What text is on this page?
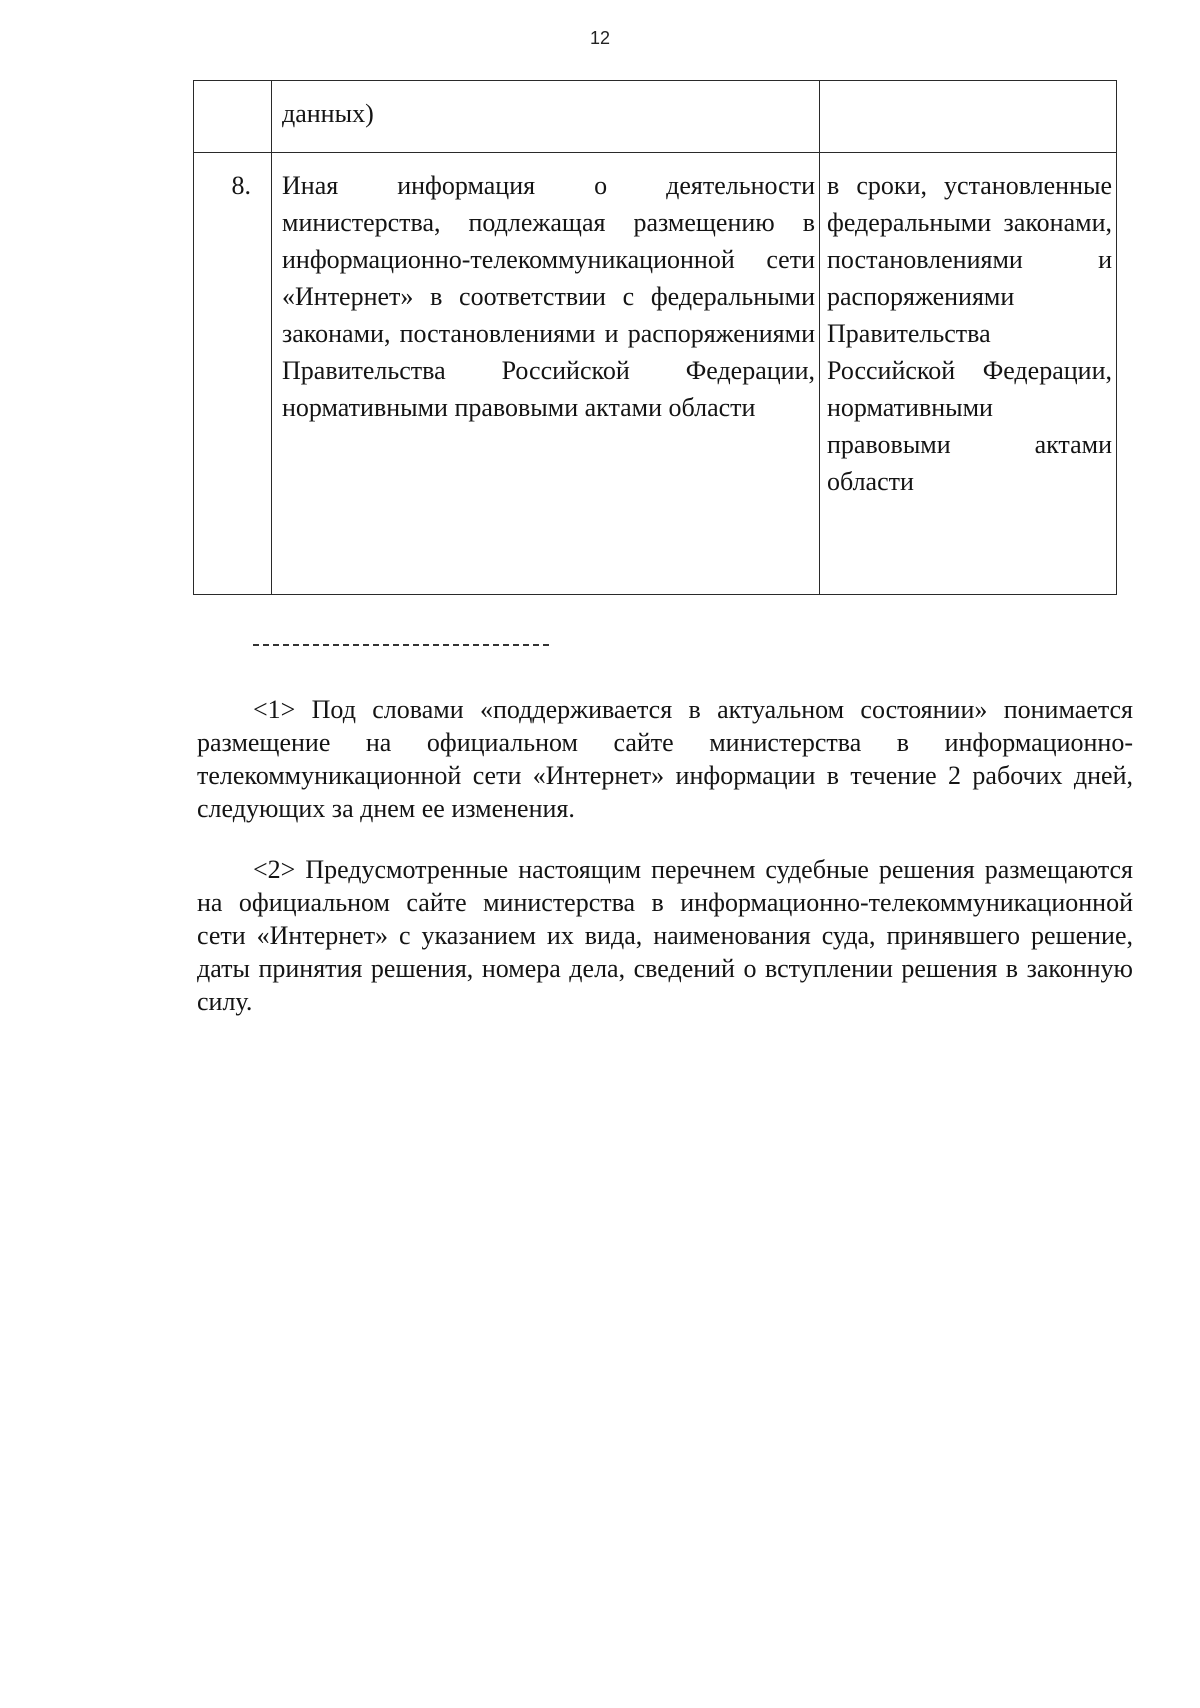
12
	данных)	
8.	Иная информация о деятельности министерства, подлежащая размещению в информационно-телекоммуникационной сети «Интернет» в соответствии с федеральными законами, постановлениями и распоряжениями Правительства Российской Федерации, нормативными правовыми актами области	в сроки, установленные федеральными законами, постановлениями и распоряжениями Правительства Российской Федерации, нормативными правовыми актами области

<1> Под словами «поддерживается в актуальном состоянии» понимается размещение на официальном сайте министерства в информационно-телекоммуникационной сети «Интернет» информации в течение 2 рабочих дней, следующих за днем ее изменения.

<2> Предусмотренные настоящим перечнем судебные решения размещаются на официальном сайте министерства в информационно-телекоммуникационной сети «Интернет» с указанием их вида, наименования суда, принявшего решение, даты принятия решения, номера дела, сведений о вступлении решения в законную силу.
